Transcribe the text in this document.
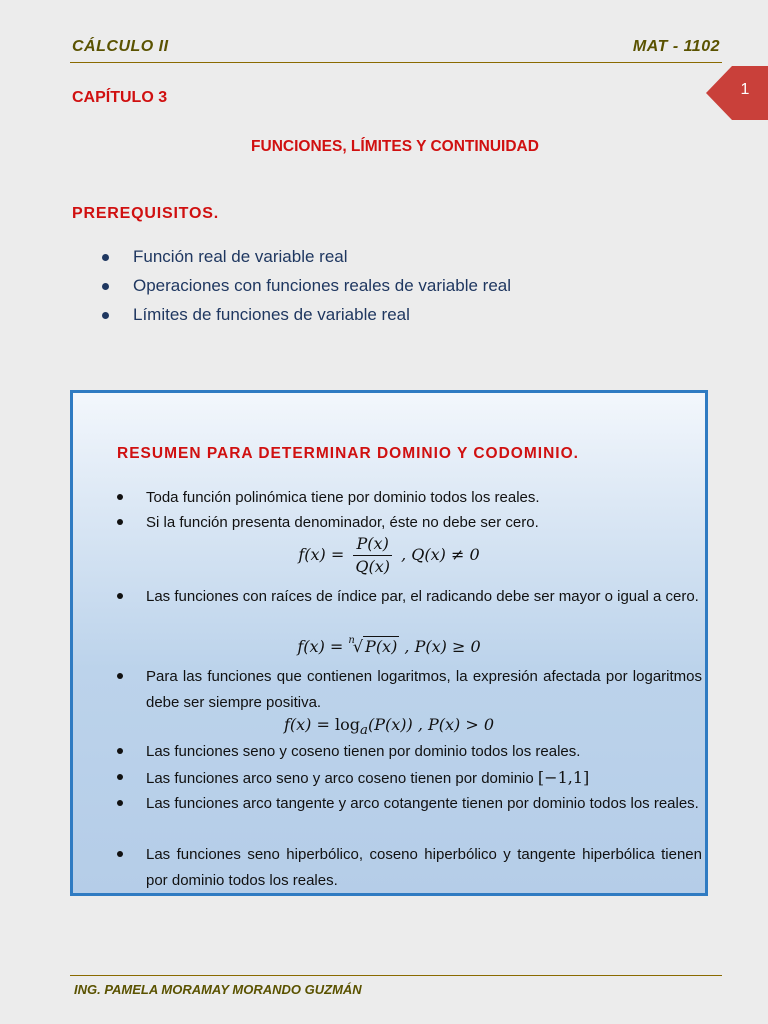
CÁLCULO II	MAT - 1102
1
CAPÍTULO 3
FUNCIONES, LÍMITES Y CONTINUIDAD
PREREQUISITOS.
Función real de variable real
Operaciones con funciones reales de variable real
Límites de funciones de variable real
RESUMEN PARA DETERMINAR DOMINIO Y CODOMINIO.
Toda función polinómica tiene por dominio todos los reales.
Si la función presenta denominador, éste no debe ser cero.
$f(x) = \frac{P(x)}{Q(x)}$ , Q(x) ≠ 0
Las funciones con raíces de índice par, el radicando debe ser mayor o igual a cero.
f(x) = $^n$√ P(x) , P(x) ≥ 0
Para las funciones que contienen logaritmos, la expresión afectada por logaritmos debe ser siempre positiva.
$f(x) = \log_a(P(x))$ , P(x) > 0
Las funciones seno y coseno tienen por dominio todos los reales.
Las funciones arco seno y arco coseno tienen por dominio [−1,1]
Las funciones arco tangente y arco cotangente tienen por dominio todos los reales.
Las funciones seno hiperbólico, coseno hiperbólico y tangente hiperbólica tienen por dominio todos los reales.
ING. PAMELA MORAMAY MORANDO GUZMÁN
